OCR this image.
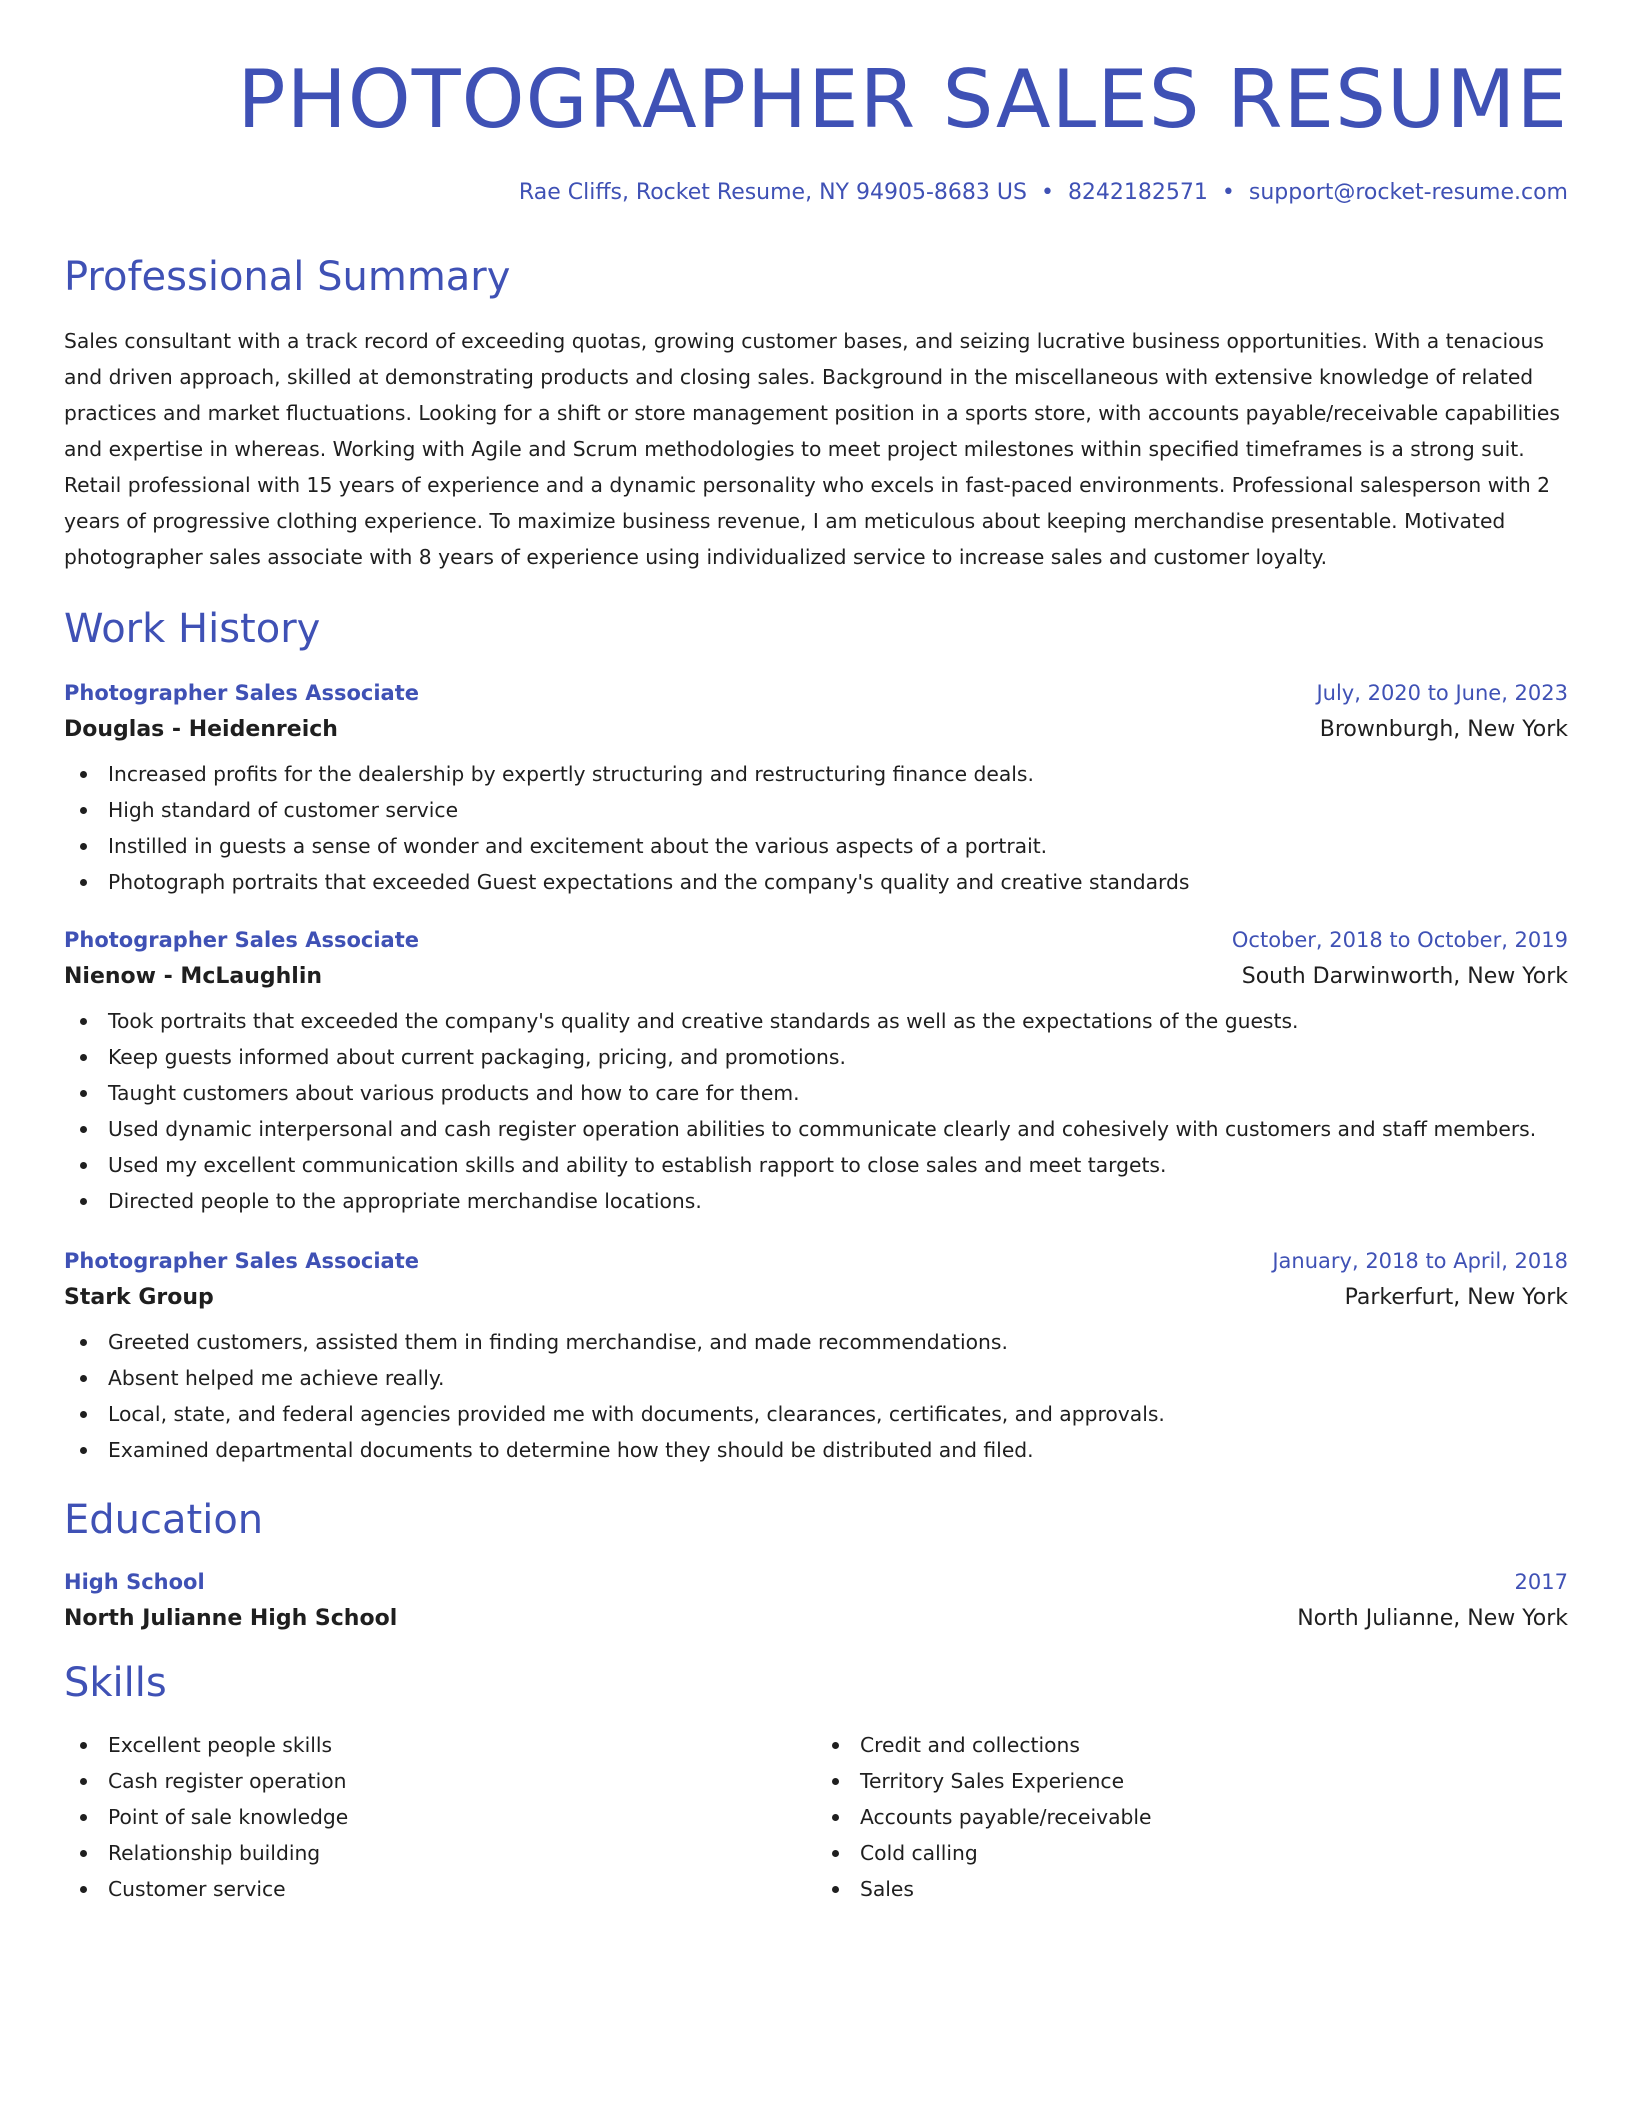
PHOTOGRAPHER SALES RESUME
Rae Cliffs, Rocket Resume, NY 94905-8683 US • 8242182571 • support@rocket-resume.com
Professional Summary

Sales consultant with a track record of exceeding quotas, growing customer bases, and seizing lucrative business opportunities. With a tenacious and driven approach, skilled at demonstrating products and closing sales. Background in the miscellaneous with extensive knowledge of related practices and market fluctuations. Looking for a shift or store management position in a sports store, with accounts payable/receivable capabilities and expertise in whereas. Working with Agile and Scrum methodologies to meet project milestones within specified timeframes is a strong suit. Retail professional with 15 years of experience and a dynamic personality who excels in fast-paced environments. Professional salesperson with 2 years of progressive clothing experience. To maximize business revenue, I am meticulous about keeping merchandise presentable. Motivated photographer sales associate with 8 years of experience using individualized service to increase sales and customer loyalty.

Work History
Photographer Sales Associate	July, 2020 to June, 2023
Douglas - Heidenreich	Brownburgh, New York
Increased profits for the dealership by expertly structuring and restructuring finance deals.
High standard of customer service
Instilled in guests a sense of wonder and excitement about the various aspects of a portrait.
Photograph portraits that exceeded Guest expectations and the company's quality and creative standards
Photographer Sales Associate	October, 2018 to October, 2019
Nienow - McLaughlin	South Darwinworth, New York
Took portraits that exceeded the company's quality and creative standards as well as the expectations of the guests.
Keep guests informed about current packaging, pricing, and promotions.
Taught customers about various products and how to care for them.
Used dynamic interpersonal and cash register operation abilities to communicate clearly and cohesively with customers and staff members.
Used my excellent communication skills and ability to establish rapport to close sales and meet targets.
Directed people to the appropriate merchandise locations.
Photographer Sales Associate	January, 2018 to April, 2018
Stark Group	Parkerfurt, New York
Greeted customers, assisted them in finding merchandise, and made recommendations.
Absent helped me achieve really.
Local, state, and federal agencies provided me with documents, clearances, certificates, and approvals.
Examined departmental documents to determine how they should be distributed and filed.
Education
High School	2017
North Julianne High School	North Julianne, New York
Skills
Excellent people skills
Cash register operation
Point of sale knowledge
Relationship building
Customer service
Credit and collections
Territory Sales Experience
Accounts payable/receivable
Cold calling
Sales
